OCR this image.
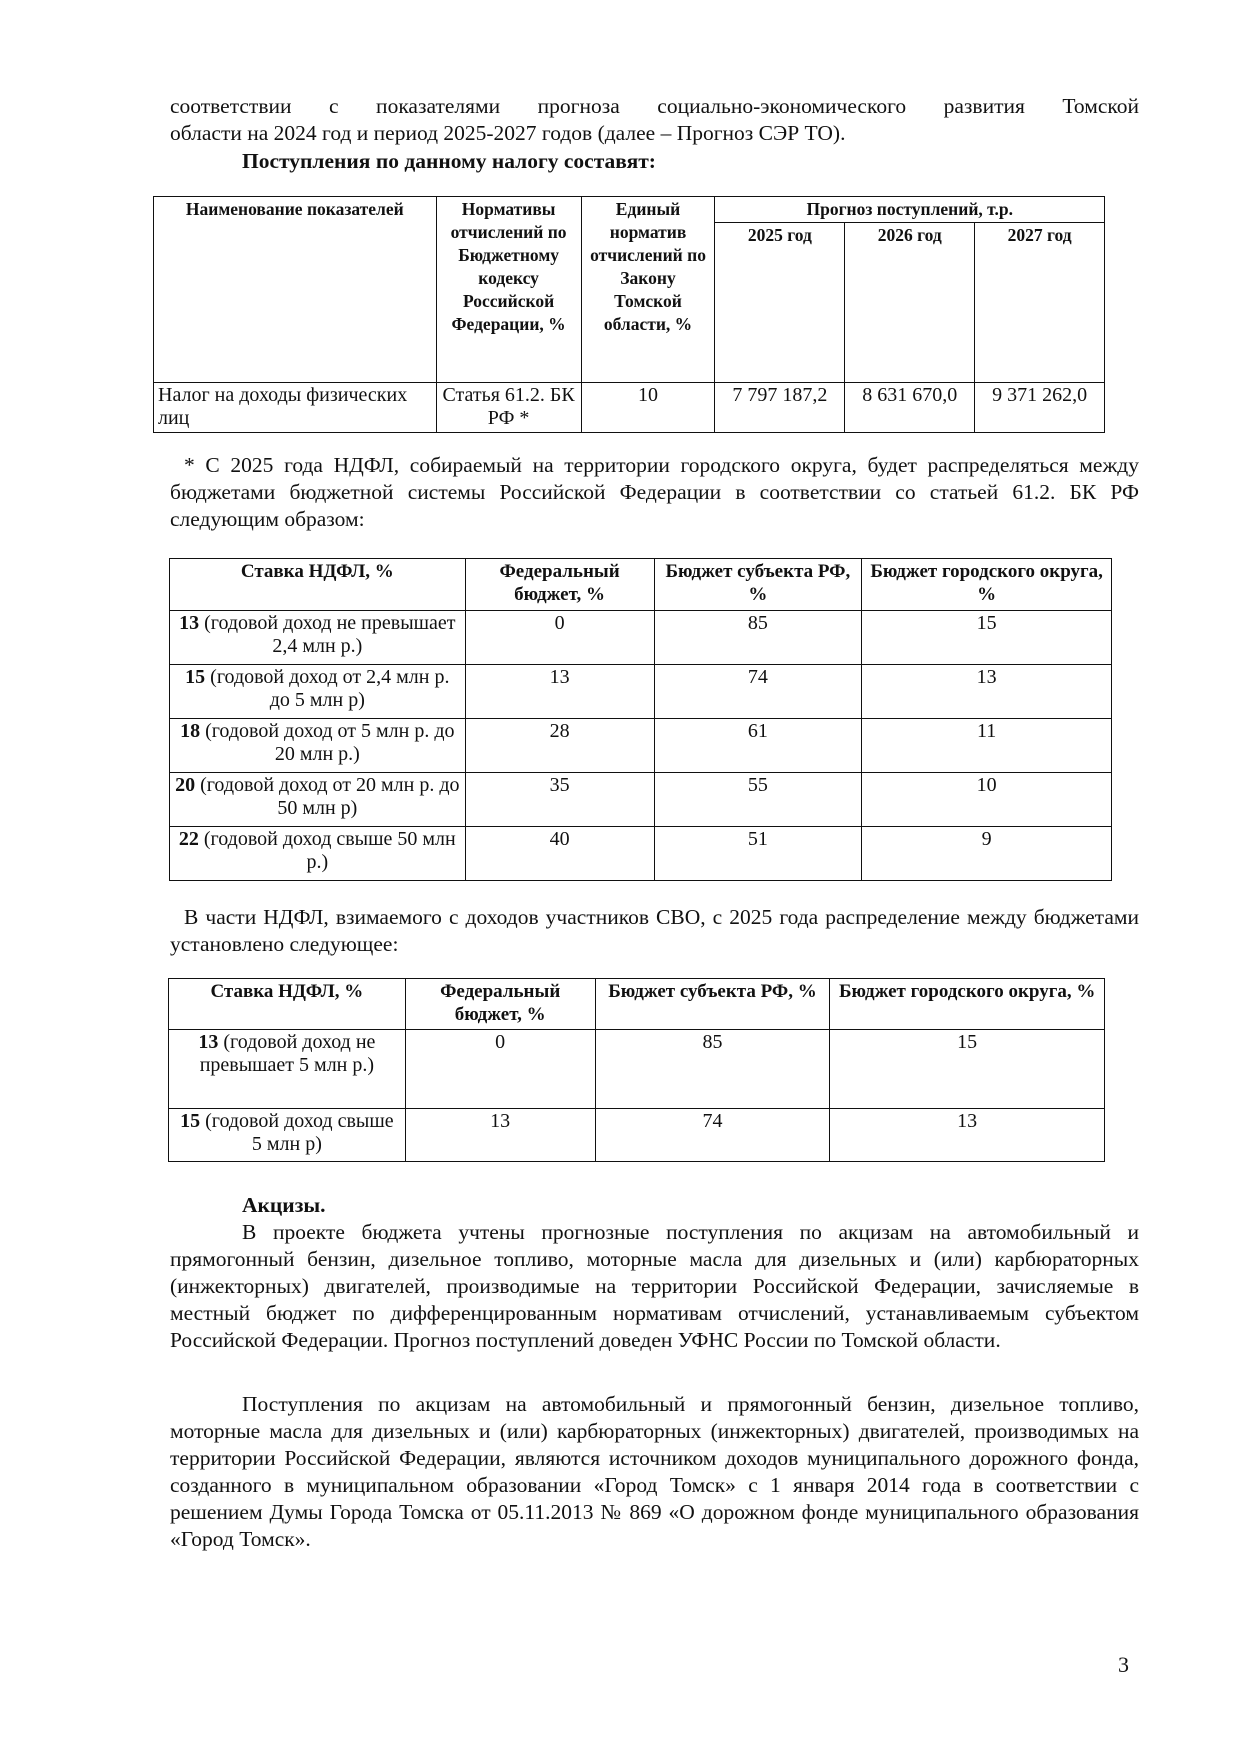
соответствии с показателями прогноза социально-экономического развития Томской
области на 2024 год и период 2025-2027 годов (далее – Прогноз СЭР ТО).
Поступления по данному налогу составят:
Наименование показателей	Нормативы отчислений по Бюджетному кодексу Российской Федерации, %	Единый норматив отчислений по Закону Томской области, %	Прогноз поступлений, т.р.		
			2025 год	2026 год	2027 год
Налог на доходы физических лиц	Статья 61.2. БК РФ *	10	7 797 187,2	8 631 670,0	9 371 262,0
* С 2025 года НДФЛ, собираемый на территории городского округа, будет распределяться между бюджетами бюджетной системы Российской Федерации в соответствии со статьей 61.2. БК РФ следующим образом:
Ставка НДФЛ, %	Федеральный бюджет, %	Бюджет субъекта РФ, %	Бюджет городского округа, %
13 (годовой доход не превышает 2,4 млн р.)	0	85	15
15 (годовой доход от 2,4 млн р. до 5 млн р)	13	74	13
18 (годовой доход от 5 млн р. до 20 млн р.)	28	61	11
20 (годовой доход от 20 млн р. до 50 млн р)	35	55	10
22 (годовой доход свыше 50 млн р.)	40	51	9
В части НДФЛ, взимаемого с доходов участников СВО, с 2025 года распределение между бюджетами установлено следующее:
Ставка НДФЛ, %	Федеральный бюджет, %	Бюджет субъекта РФ, %	Бюджет городского округа, %
13 (годовой доход не превышает 5 млн р.)	0	85	15
15 (годовой доход свыше 5 млн р)	13	74	13
Акцизы.
В проекте бюджета учтены прогнозные поступления по акцизам на автомобильный и прямогонный бензин, дизельное топливо, моторные масла для дизельных и (или) карбюраторных (инжекторных) двигателей, производимые на территории Российской Федерации, зачисляемые в местный бюджет по дифференцированным нормативам отчислений, устанавливаемым субъектом Российской Федерации. Прогноз поступлений доведен УФНС России по Томской области.
Поступления по акцизам на автомобильный и прямогонный бензин, дизельное топливо, моторные масла для дизельных и (или) карбюраторных (инжекторных) двигателей, производимых на территории Российской Федерации, являются источником доходов муниципального дорожного фонда, созданного в муниципальном образовании «Город Томск» с 1 января 2014 года в соответствии с решением Думы Города Томска от 05.11.2013 № 869 «О дорожном фонде муниципального образования «Город Томск».
3
